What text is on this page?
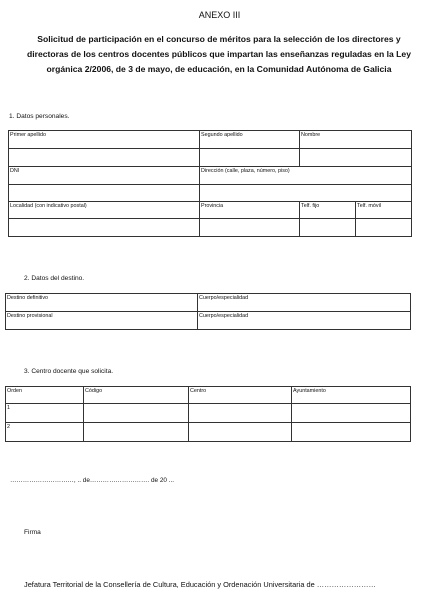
ANEXO III
Solicitud de participación en el concurso de méritos para la selección de los directores y
directoras de los centros docentes públicos que impartan las enseñanzas reguladas en la Ley
orgánica 2/2006, de 3 de mayo, de educación, en la Comunidad Autónoma de Galicia
1. Datos personales.
Primer apellido	Segundo apellido	Nombre	

DNI	Dirección (calle, plaza, número, piso)		

Localidad (con indicativo postal)	Provincia	Telf. fijo	Telf. móvil

2. Datos del destino.
Destino definitivo	Cuerpo/especialidad
Destino provisional	Cuerpo/especialidad
3. Centro docente que solicita.
Orden	Código	Centro	Ayuntamiento
1			
2			
…………………………, .. de………………………. de 20 ...
Firma
Jefatura Territorial de la Consellería de Cultura, Educación y Ordenación Universitaria de ……………………
